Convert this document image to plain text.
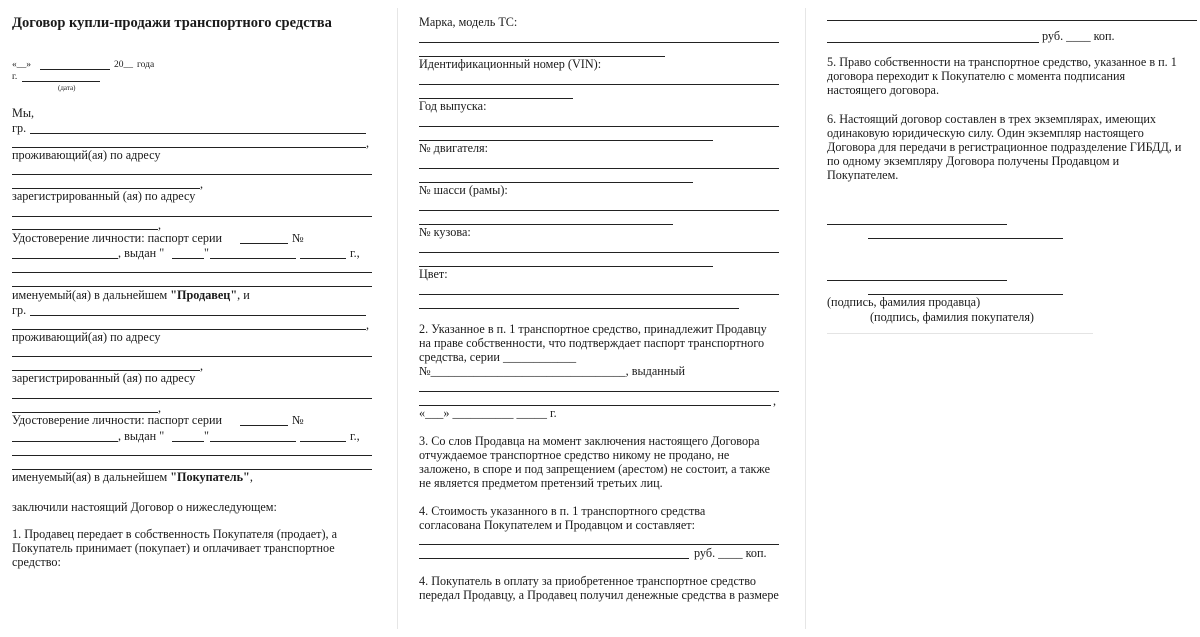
Договор купли-продажи транспортного средства
«__»	20__ года
г.
(дата)
Мы,
гр.
,
проживающий(ая) по адресу
,
зарегистрированный (ая) по адресу
,
Удостоверение личности: паспорт серии	№
, выдан "	"	г.,
именуемый(ая) в дальнейшем "Продавец", и
гр.
,
проживающий(ая) по адресу
,
зарегистрированный (ая) по адресу
,
Удостоверение личности: паспорт серии	№
, выдан "	"	г.,
именуемый(ая) в дальнейшем "Покупатель",
заключили настоящий Договор о нижеследующем:
1. Продавец передает в собственность Покупателя (продает), а Покупатель принимает (покупает) и оплачивает транспортное средство:
Марка, модель ТС:
Идентификационный номер (VIN):
Год выпуска:
№ двигателя:
№ шасси (рамы):
№ кузова:
Цвет:
2. Указанное в п. 1 транспортное средство, принадлежит Продавцу на праве собственности, что подтверждает паспорт транспортного средства, серии ____________
№________________________________, выданный
,
«___» __________ _____ г.
3. Со слов Продавца на момент заключения настоящего Договора отчуждаемое транспортное средство никому не продано, не заложено, в споре и под запрещением (арестом) не состоит, а также не является предметом претензий третьих лиц.
4. Стоимость указанного в п. 1 транспортного средства согласована Покупателем и Продавцом и составляет:
руб. ____ коп.
4. Покупатель в оплату за приобретенное транспортное средство передал Продавцу, а Продавец получил денежные средства в размере
руб. ____ коп.
5. Право собственности на транспортное средство, указанное в п. 1 договора переходит к Покупателю с момента подписания настоящего договора.
6. Настоящий договор составлен в трех экземплярах, имеющих одинаковую юридическую силу. Один экземпляр настоящего Договора для передачи в регистрационное подразделение ГИБДД, и по одному экземпляру Договора получены Продавцом и Покупателем.
(подпись, фамилия продавца)
(подпись, фамилия покупателя)
